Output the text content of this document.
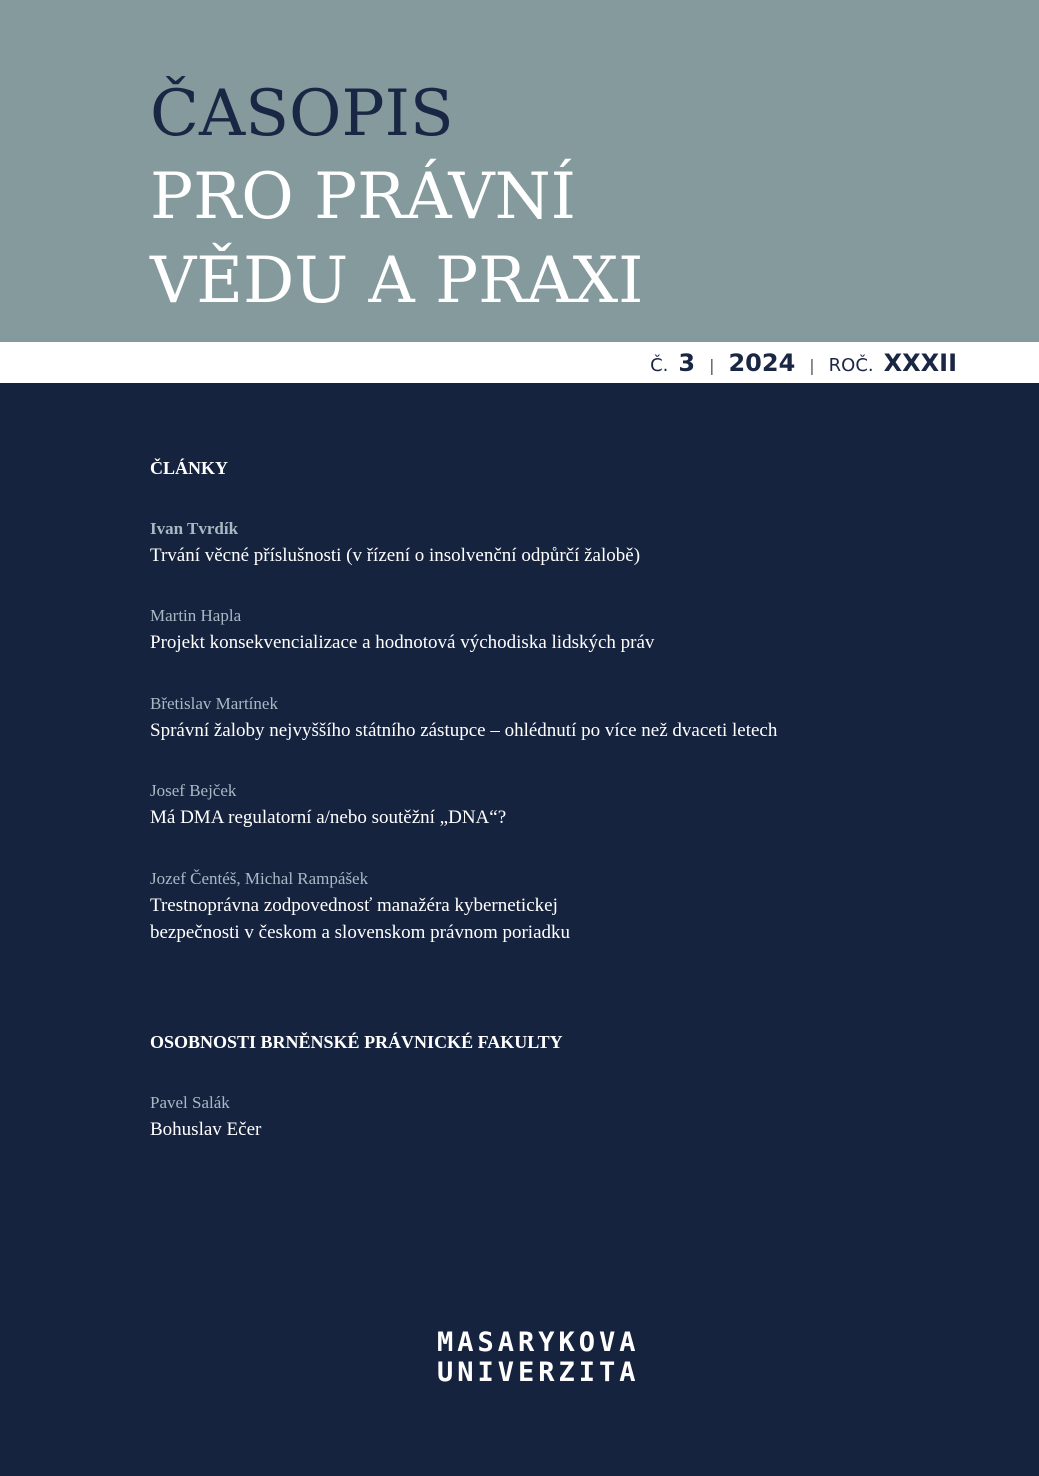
ČASOPIS
PRO PRÁVNÍ
VĚDU A PRAXI
Č. 3 | 2024 | ROČ. XXXII
ČLÁNKY
Ivan Tvrdík
Trvání věcné příslušnosti (v řízení o insolvenční odpůrčí žalobě)
Martin Hapla
Projekt konsekvencializace a hodnotová východiska lidských práv
Břetislav Martínek
Správní žaloby nejvyššího státního zástupce – ohlédnutí po více než dvaceti letech
Josef Bejček
Má DMA regulatorní a/nebo soutěžní „DNA“?
Jozef Čentéš, Michal Rampášek
Trestnoprávna zodpovednosť manažéra kybernetickej
bezpečnosti v českom a slovenskom právnom poriadku
OSOBNOSTI BRNĚNSKÉ PRÁVNICKÉ FAKULTY
Pavel Salák
Bohuslav Ečer
MASARYKOVA
UNIVERZITA
